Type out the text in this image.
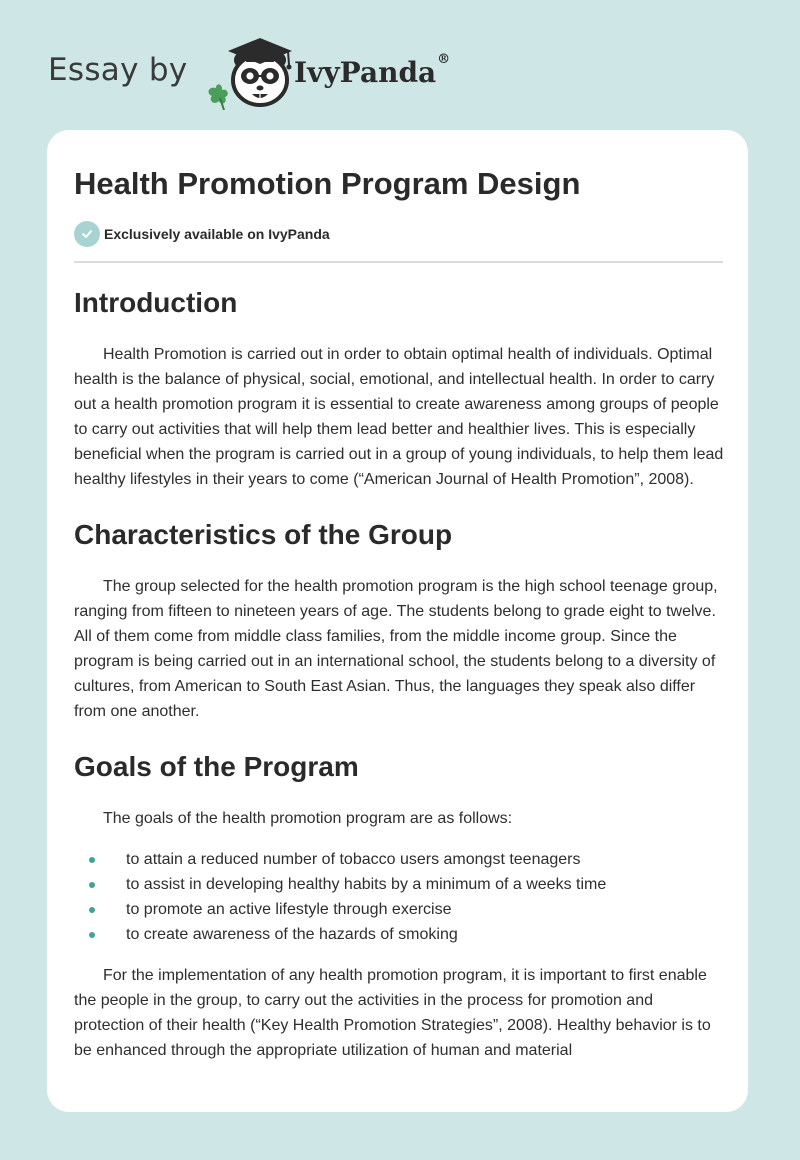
Essay by	IvyPanda®
Health Promotion Program Design
Exclusively available on IvyPanda
Introduction

Health Promotion is carried out in order to obtain optimal health of individuals. Optimal health is the balance of physical, social, emotional, and intellectual health. In order to carry out a health promotion program it is essential to create awareness among groups of people to carry out activities that will help them lead better and healthier lives. This is especially beneficial when the program is carried out in a group of young individuals, to help them lead healthy lifestyles in their years to come (“American Journal of Health Promotion”, 2008).

Characteristics of the Group

The group selected for the health promotion program is the high school teenage group, ranging from fifteen to nineteen years of age. The students belong to grade eight to twelve. All of them come from middle class families, from the middle income group. Since the program is being carried out in an international school, the students belong to a diversity of cultures, from American to South East Asian. Thus, the languages they speak also differ from one another.

Goals of the Program

The goals of the health promotion program are as follows:

to attain a reduced number of tobacco users amongst teenagers
to assist in developing healthy habits by a minimum of a weeks time
to promote an active lifestyle through exercise
to create awareness of the hazards of smoking

For the implementation of any health promotion program, it is important to first enable the people in the group, to carry out the activities in the process for promotion and protection of their health (“Key Health Promotion Strategies”, 2008). Healthy behavior is to be enhanced through the appropriate utilization of human and material
